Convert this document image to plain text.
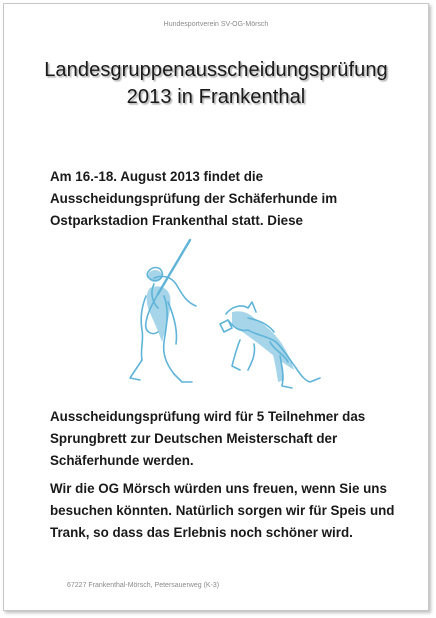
Hundesportverein SV-OG-Mörsch
Landesgruppenausscheidungsprüfung
2013 in Frankenthal
Am 16.-18. August 2013 findet die
Ausscheidungsprüfung der Schäferhunde im
Ostparkstadion Frankenthal statt. Diese
Ausscheidungsprüfung wird für 5 Teilnehmer das
Sprungbrett zur Deutschen Meisterschaft der
Schäferhunde werden.
Wir die OG Mörsch würden uns freuen, wenn Sie uns
besuchen könnten. Natürlich sorgen wir für Speis und
Trank, so dass das Erlebnis noch schöner wird.
67227 Frankenthal-Mörsch, Petersauerweg (K-3)
